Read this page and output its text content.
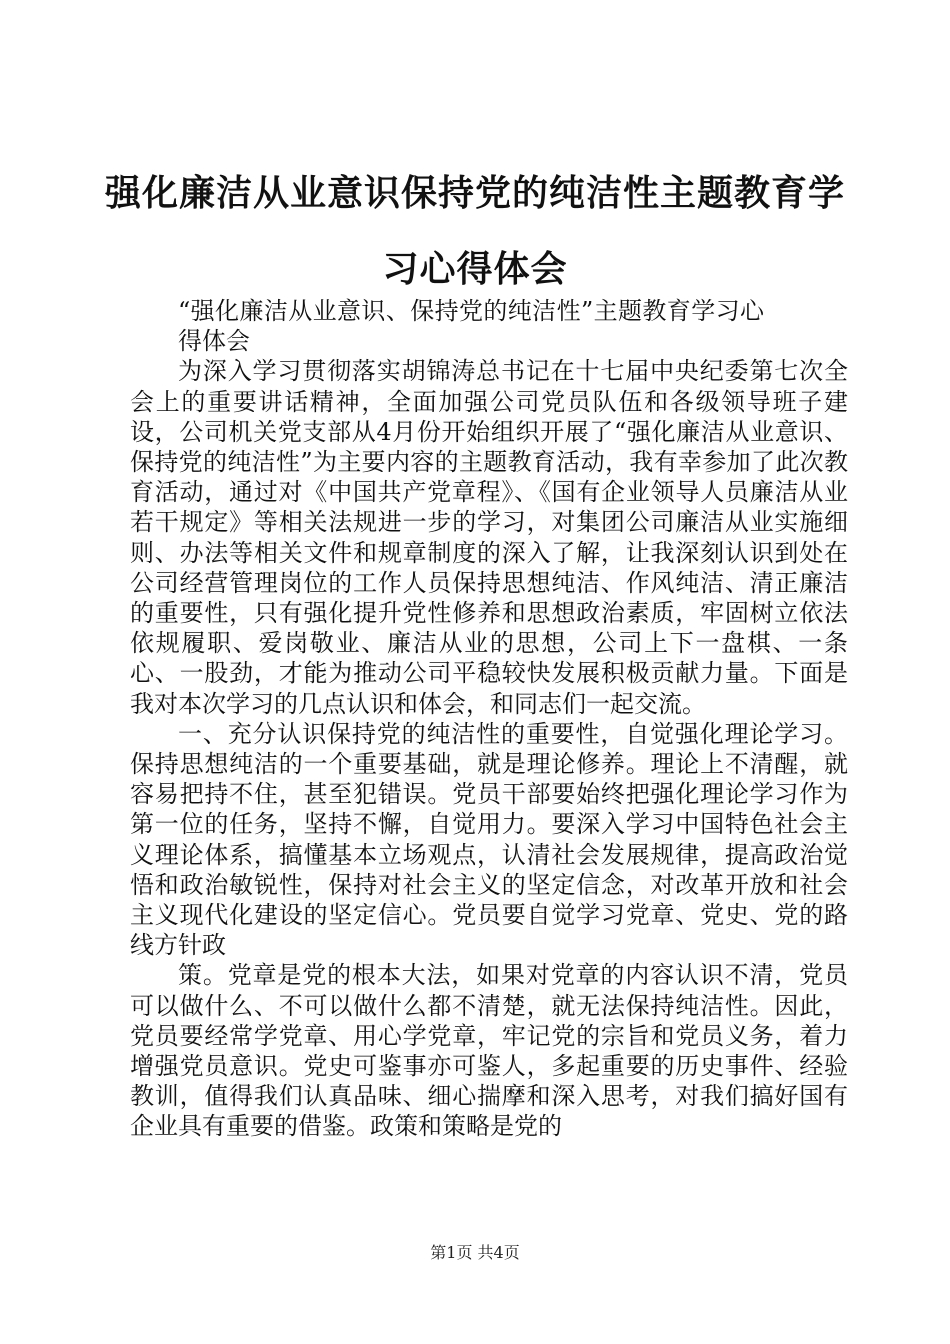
强化廉洁从业意识保持党的纯洁性主题教育学习心得体会

“强化廉洁从业意识、保持党的纯洁性”主题教育学习心得体会

为深入学习贯彻落实胡锦涛总书记在十七届中央纪委第七次全会上的重要讲话精神，全面加强公司党员队伍和各级领导班子建设，公司机关党支部从4月份开始组织开展了“强化廉洁从业意识、保持党的纯洁性”为主要内容的主题教育活动，我有幸参加了此次教育活动，通过对《中国共产党章程》、《国有企业领导人员廉洁从业若干规定》等相关法规进一步的学习，对集团公司廉洁从业实施细则、办法等相关文件和规章制度的深入了解，让我深刻认识到处在公司经营管理岗位的工作人员保持思想纯洁、作风纯洁、清正廉洁的重要性，只有强化提升党性修养和思想政治素质，牢固树立依法依规履职、爱岗敬业、廉洁从业的思想，公司上下一盘棋、一条心、一股劲，才能为推动公司平稳较快发展积极贡献力量。下面是我对本次学习的几点认识和体会，和同志们一起交流。

一、充分认识保持党的纯洁性的重要性，自觉强化理论学习。保持思想纯洁的一个重要基础，就是理论修养。理论上不清醒，就容易把持不住，甚至犯错误。党员干部要始终把强化理论学习作为第一位的任务，坚持不懈，自觉用力。要深入学习中国特色社会主义理论体系，搞懂基本立场观点，认清社会发展规律，提高政治觉悟和政治敏锐性，保持对社会主义的坚定信念，对改革开放和社会主义现代化建设的坚定信心。党员要自觉学习党章、党史、党的路线方针政

策。党章是党的根本大法，如果对党章的内容认识不清，党员可以做什么、不可以做什么都不清楚，就无法保持纯洁性。因此，党员要经常学党章、用心学党章，牢记党的宗旨和党员义务，着力增强党员意识。党史可鉴事亦可鉴人，多起重要的历史事件、经验教训，值得我们认真品味、细心揣摩和深入思考，对我们搞好国有企业具有重要的借鉴。政策和策略是党的

第1页 共4页
